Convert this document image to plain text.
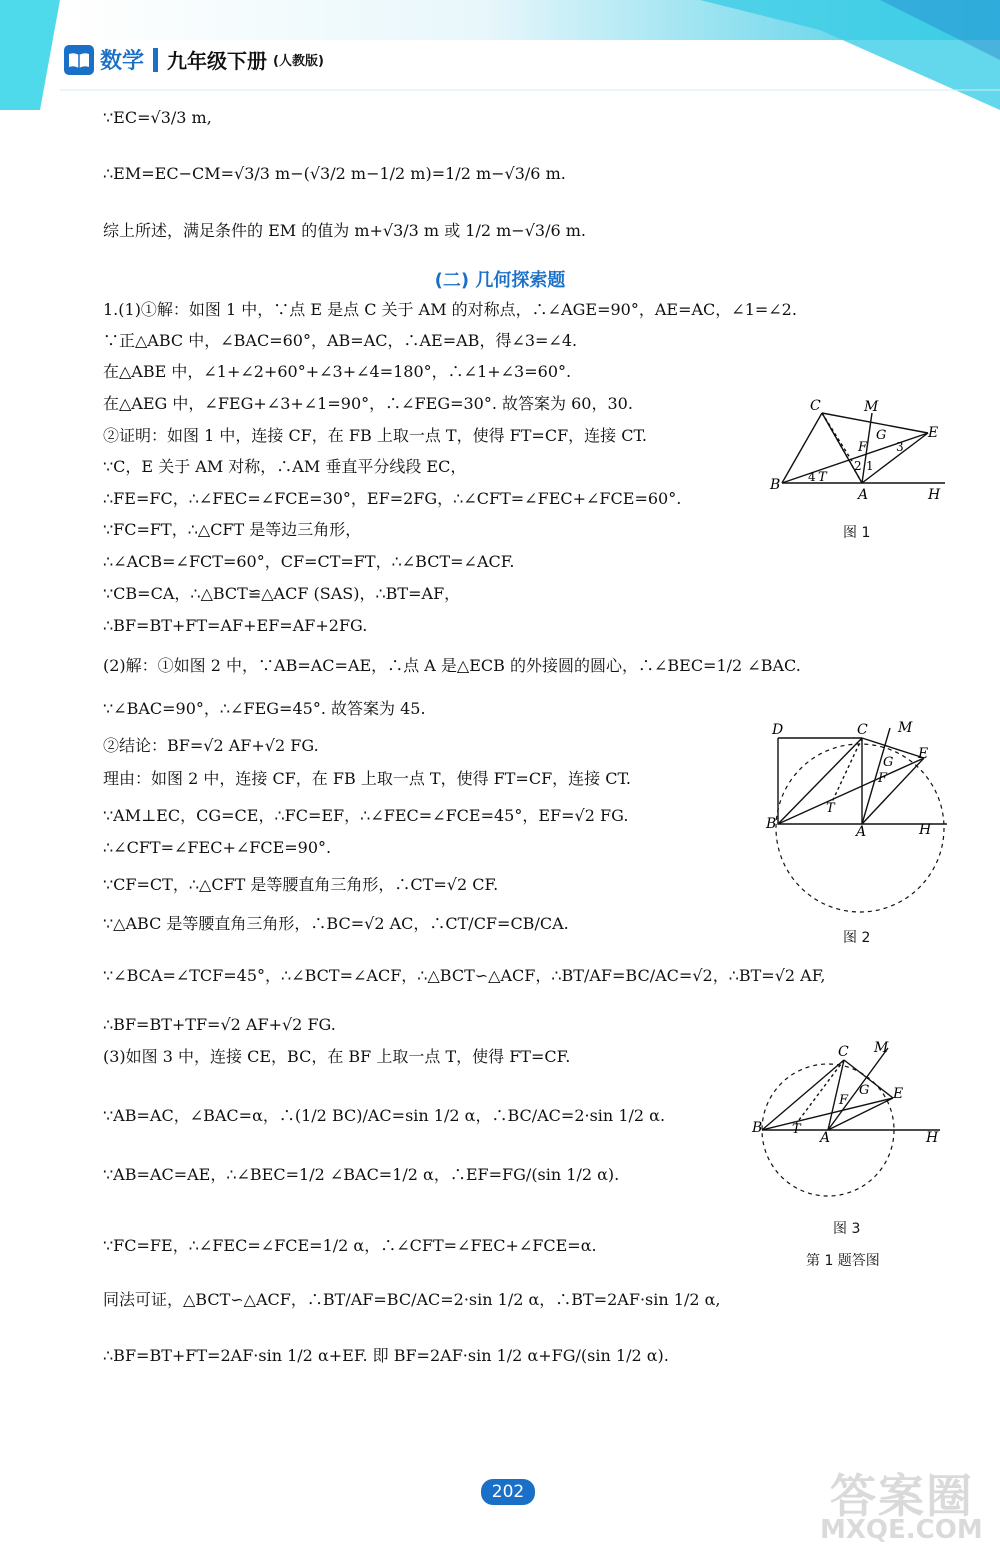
数学 九年级下册 (人教版)
∵EC=√3/3 m,
∴EM=EC−CM=√3/3 m−(√3/2 m−1/2 m)=1/2 m−√3/6 m.
综上所述，满足条件的 EM 的值为 m+√3/3 m 或 1/2 m−√3/6 m.
(二) 几何探索题
1.(1)①解：如图 1 中，∵点 E 是点 C 关于 AM 的对称点，∴∠AGE=90°，AE=AC，∠1=∠2.
∵正△ABC 中，∠BAC=60°，AB=AC，∴AE=AB，得∠3=∠4.
在△ABE 中，∠1+∠2+60°+∠3+∠4=180°，∴∠1+∠3=60°.
在△AEG 中，∠FEG+∠3+∠1=90°，∴∠FEG=30°. 故答案为 60，30.
②证明：如图 1 中，连接 CF，在 FB 上取一点 T，使得 FT=CF，连接 CT.
∵C，E 关于 AM 对称，∴AM 垂直平分线段 EC，
∴FE=FC，∴∠FEC=∠FCE=30°，EF=2FG，∴∠CFT=∠FEC+∠FCE=60°.
∵FC=FT，∴△CFT 是等边三角形，
∴∠ACB=∠FCT=60°，CF=CT=FT，∴∠BCT=∠ACF.
∵CB=CA，∴△BCT≌△ACF (SAS)，∴BT=AF，
∴BF=BT+FT=AF+EF=AF+2FG.
(2)解：①如图 2 中，∵AB=AC=AE，∴点 A 是△ECB 的外接圆的圆心，∴∠BEC=1/2 ∠BAC.
∵∠BAC=90°，∴∠FEG=45°. 故答案为 45.
②结论：BF=√2 AF+√2 FG.
理由：如图 2 中，连接 CF，在 FB 上取一点 T，使得 FT=CF，连接 CT.
∵AM⊥EC，CG=CE，∴FC=EF，∴∠FEC=∠FCE=45°，EF=√2 FG.
∴∠CFT=∠FEC+∠FCE=90°.
∵CF=CT，∴△CFT 是等腰直角三角形，∴CT=√2 CF.
∵△ABC 是等腰直角三角形，∴BC=√2 AC，∴CT/CF=CB/CA.
∵∠BCA=∠TCF=45°，∴∠BCT=∠ACF，∴△BCT∽△ACF，∴BT/AF=BC/AC=√2，∴BT=√2 AF,
∴BF=BT+TF=√2 AF+√2 FG.
(3)如图 3 中，连接 CE，BC，在 BF 上取一点 T，使得 FT=CF.
∵AB=AC，∠BAC=α，∴(1/2 BC)/AC=sin 1/2 α，∴BC/AC=2·sin 1/2 α.
∵AB=AC=AE，∴∠BEC=1/2 ∠BAC=1/2 α，∴EF=FG/(sin 1/2 α).
∵FC=FE，∴∠FEC=∠FCE=1/2 α，∴∠CFT=∠FEC+∠FCE=α.
同法可证，△BCT∽△ACF，∴BT/AF=BC/AC=2·sin 1/2 α，∴BT=2AF·sin 1/2 α,
∴BF=BT+FT=2AF·sin 1/2 α+EF. 即 BF=2AF·sin 1/2 α+FG/(sin 1/2 α).
C	M
E
G
F
B
A	H
T
1
2
3
4
图 1
D	C M
E
G
F
T
B	A	H
图 2
C M
E
G
F
T
B
A	H
图 3
第 1 题答图
202	答案圈
MXQE.COM
